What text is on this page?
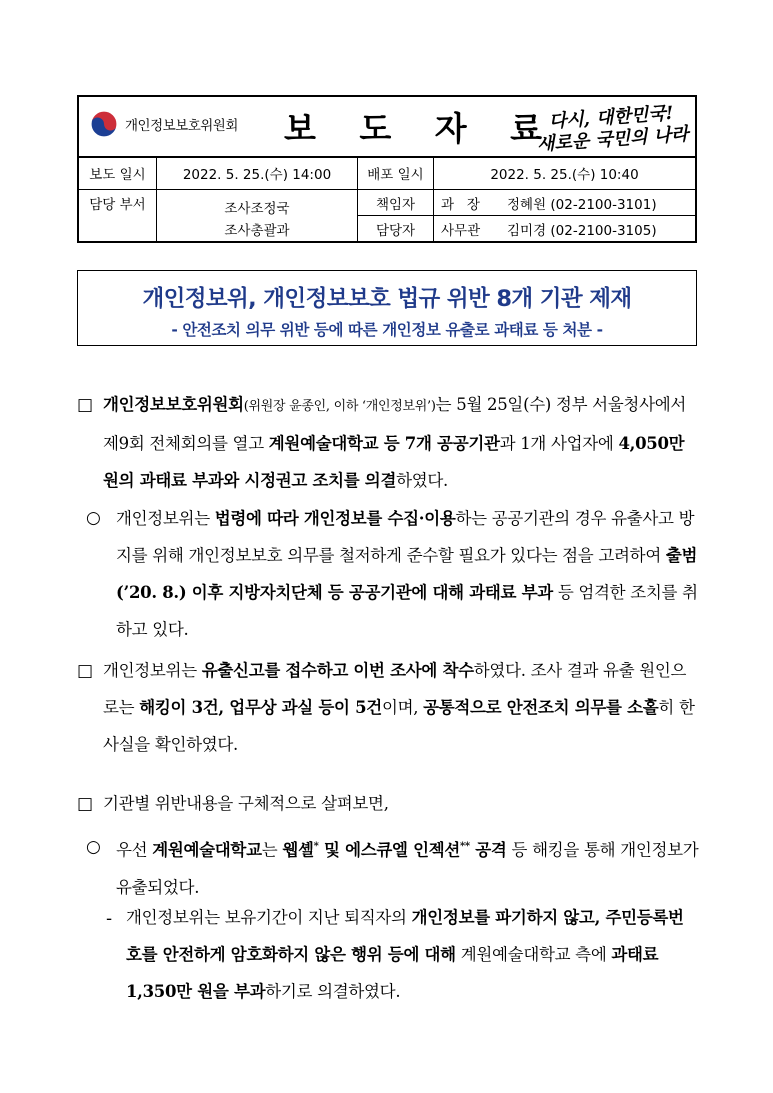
개인정보보호위원회 보 도 자 료
다시, 대한민국!
새로운 국민의 나라
보도 일시	2022. 5. 25.(수) 14:00	배포 일시	2022. 5. 25.(수) 10:40
담당 부서	조사조정국
조사총괄과
책임자	과   장	정혜원 (02-2100-3101)
담당자	사무관	김미경 (02-2100-3105)
개인정보위, 개인정보보호 법규 위반 8개 기관 제재
- 안전조치 의무 위반 등에 따른 개인정보 유출로 과태료 등 처분 -
□ 개인정보보호위원회(위원장 윤종인, 이하 ‘개인정보위’)는 5월 25일(수) 정부 서울청사에서 제9회 전체회의를 열고 계원예술대학교 등 7개 공공기관과 1개 사업자에 4,050만 원의 과태료 부과와 시정권고 조치를 의결하였다.
○ 개인정보위는 법령에 따라 개인정보를 수집·이용하는 공공기관의 경우 유출사고 방지를 위해 개인정보보호 의무를 철저하게 준수할 필요가 있다는 점을 고려하여 출범(’20. 8.) 이후 지방자치단체 등 공공기관에 대해 과태료 부과 등 엄격한 조치를 취하고 있다.
□ 개인정보위는 유출신고를 접수하고 이번 조사에 착수하였다. 조사 결과 유출 원인으로는 해킹이 3건, 업무상 과실 등이 5건이며, 공통적으로 안전조치 의무를 소홀히 한 사실을 확인하였다.
□ 기관별 위반내용을 구체적으로 살펴보면,
○ 우선 계원예술대학교는 웹셸* 및 에스큐엘 인젝션** 공격 등 해킹을 통해 개인정보가 유출되었다.
- 개인정보위는 보유기간이 지난 퇴직자의 개인정보를 파기하지 않고, 주민등록번호를 안전하게 암호화하지 않은 행위 등에 대해 계원예술대학교 측에 과태료 1,350만 원을 부과하기로 의결하였다.
